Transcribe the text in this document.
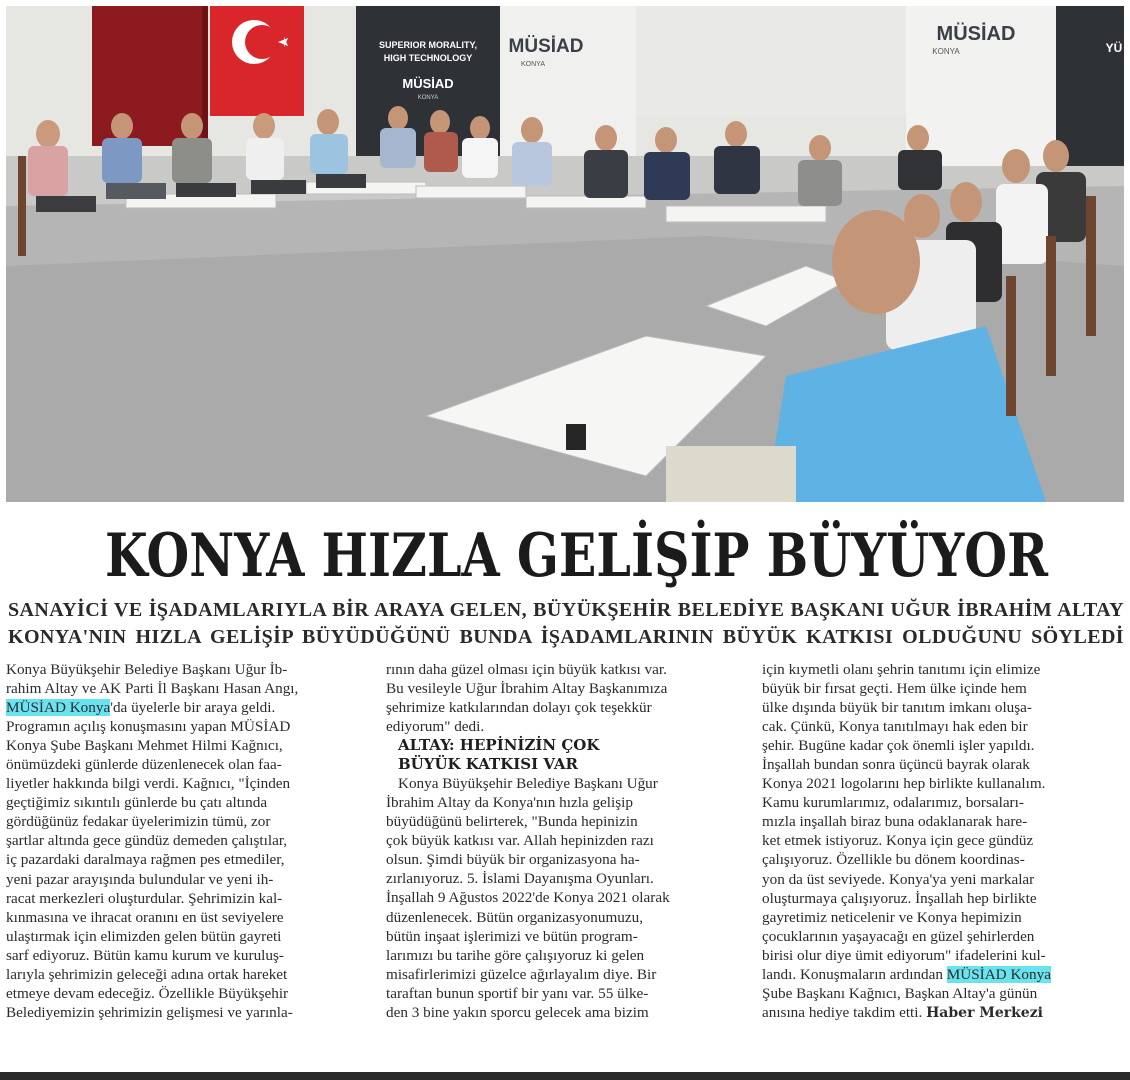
SUPERIOR MORALITY,
HIGH TECHNOLOGY
MÜSİAD
KONYA
MÜSİAD
KONYA
MÜSİAD
KONYA	YÜ
KONYA HIZLA GELİŞİP BÜYÜYOR
SANAYİCİ VE İŞADAMLARIYLA BİR ARAYA GELEN, BÜYÜKŞEHİR BELEDİYE BAŞKANI UĞUR İBRAHİM ALTAY
KONYA'NIN HIZLA GELİŞİP BÜYÜDÜĞÜNÜ BUNDA İŞADAMLARININ BÜYÜK KATKISI OLDUĞUNU SÖYLEDİ
Konya Büyükşehir Belediye Başkanı Uğur İb-
rahim Altay ve AK Parti İl Başkanı Hasan Angı,
MÜSİAD Konya'da üyelerle bir araya geldi.
Programın açılış konuşmasını yapan MÜSİAD
Konya Şube Başkanı Mehmet Hilmi Kağnıcı,
önümüzdeki günlerde düzenlenecek olan faa-
liyetler hakkında bilgi verdi. Kağnıcı, "İçinden
geçtiğimiz sıkıntılı günlerde bu çatı altında
gördüğünüz fedakar üyelerimizin tümü, zor
şartlar altında gece gündüz demeden çalıştılar,
iç pazardaki daralmaya rağmen pes etmediler,
yeni pazar arayışında bulundular ve yeni ih-
racat merkezleri oluşturdular. Şehrimizin kal-
kınmasına ve ihracat oranını en üst seviyelere
ulaştırmak için elimizden gelen bütün gayreti
sarf ediyoruz. Bütün kamu kurum ve kuruluş-
larıyla şehrimizin geleceği adına ortak hareket
etmeye devam edeceğiz. Özellikle Büyükşehir
Belediyemizin şehrimizin gelişmesi ve yarınla-
rının daha güzel olması için büyük katkısı var.
Bu vesileyle Uğur İbrahim Altay Başkanımıza
şehrimize katkılarından dolayı çok teşekkür
ediyorum" dedi.
ALTAY: HEPİNİZİN ÇOK
BÜYÜK KATKISI VAR
Konya Büyükşehir Belediye Başkanı Uğur
İbrahim Altay da Konya'nın hızla gelişip
büyüdüğünü belirterek, "Bunda hepinizin
çok büyük katkısı var. Allah hepinizden razı
olsun. Şimdi büyük bir organizasyona ha-
zırlanıyoruz. 5. İslami Dayanışma Oyunları.
İnşallah 9 Ağustos 2022'de Konya 2021 olarak
düzenlenecek. Bütün organizasyonumuzu,
bütün inşaat işlerimizi ve bütün program-
larımızı bu tarihe göre çalışıyoruz ki gelen
misafirlerimizi güzelce ağırlayalım diye. Bir
taraftan bunun sportif bir yanı var. 55 ülke-
den 3 bine yakın sporcu gelecek ama bizim
için kıymetli olanı şehrin tanıtımı için elimize
büyük bir fırsat geçti. Hem ülke içinde hem
ülke dışında büyük bir tanıtım imkanı oluşa-
cak. Çünkü, Konya tanıtılmayı hak eden bir
şehir. Bugüne kadar çok önemli işler yapıldı.
İnşallah bundan sonra üçüncü bayrak olarak
Konya 2021 logolarını hep birlikte kullanalım.
Kamu kurumlarımız, odalarımız, borsaları-
mızla inşallah biraz buna odaklanarak hare-
ket etmek istiyoruz. Konya için gece gündüz
çalışıyoruz. Özellikle bu dönem koordinas-
yon da üst seviyede. Konya'ya yeni markalar
oluşturmaya çalışıyoruz. İnşallah hep birlikte
gayretimiz neticelenir ve Konya hepimizin
çocuklarının yaşayacağı en güzel şehirlerden
birisi olur diye ümit ediyorum" ifadelerini kul-
landı. Konuşmaların ardından MÜSİAD Konya
Şube Başkanı Kağnıcı, Başkan Altay'a günün
anısına hediye takdim etti. Haber Merkezi
